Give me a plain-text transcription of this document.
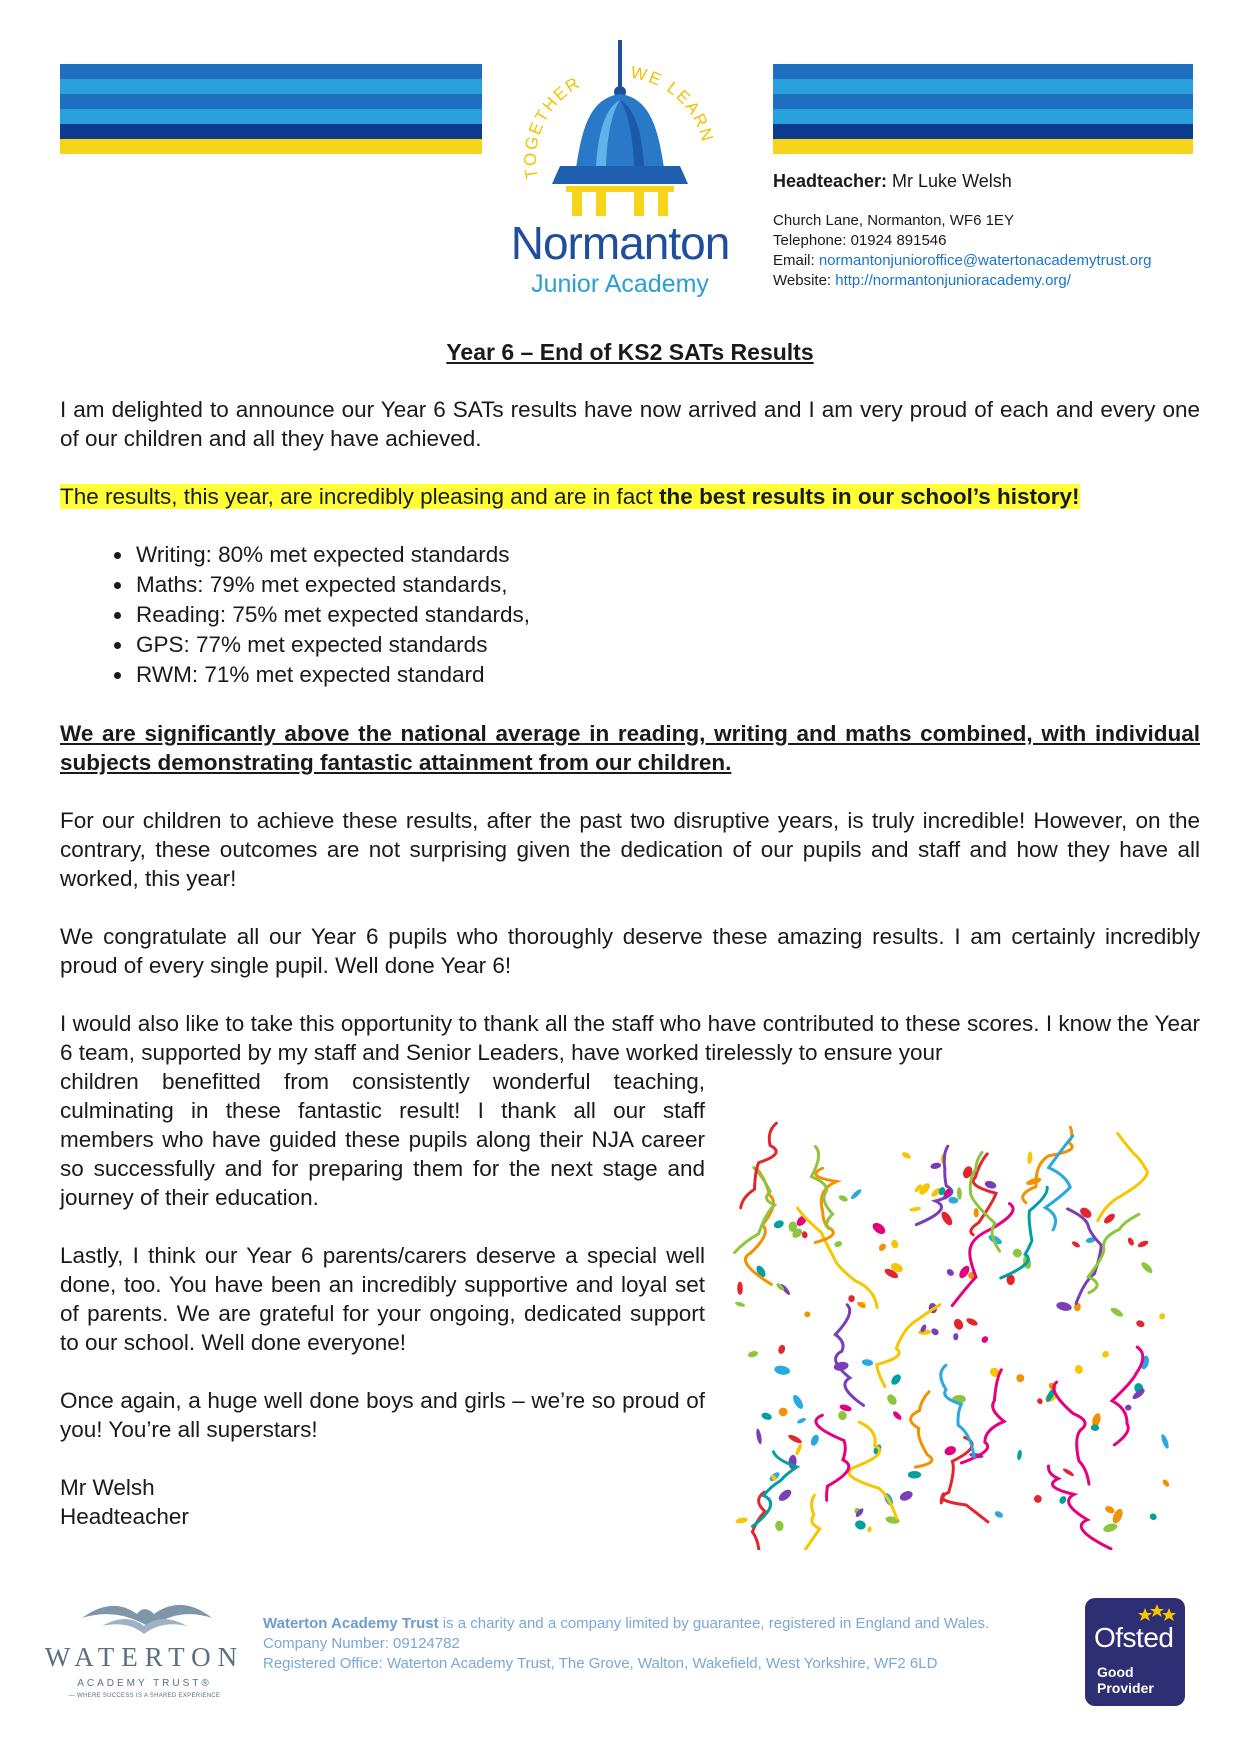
TOGETHER	WE LEARN
Normanton
Junior Academy
Headteacher: Mr Luke Welsh
Church Lane, Normanton, WF6 1EY
Telephone: 01924 891546
Email: normantonjunioroffice@watertonacademytrust.org
Website: http://normantonjunioracademy.org/
Year 6 – End of KS2 SATs Results

I am delighted to announce our Year 6 SATs results have now arrived and I am very proud of each and every one of our children and all they have achieved.

The results, this year, are incredibly pleasing and are in fact the best results in our school’s history!

• Writing: 80% met expected standards
• Maths: 79% met expected standards,
• Reading: 75% met expected standards,
• GPS: 77% met expected standards
• RWM: 71% met expected standard

We are significantly above the national average in reading, writing and maths combined, with individual subjects demonstrating fantastic attainment from our children.

For our children to achieve these results, after the past two disruptive years, is truly incredible! However, on the contrary, these outcomes are not surprising given the dedication of our pupils and staff and how they have all worked, this year!

We congratulate all our Year 6 pupils who thoroughly deserve these amazing results. I am certainly incredibly proud of every single pupil. Well done Year 6!

I would also like to take this opportunity to thank all the staff who have contributed to these scores. I know the Year 6 team, supported by my staff and Senior Leaders, have worked tirelessly to ensure your

children benefitted from consistently wonderful teaching, culminating in these fantastic result! I thank all our staff members who have guided these pupils along their NJA career so successfully and for preparing them for the next stage and journey of their education.

Lastly, I think our Year 6 parents/carers deserve a special well done, too. You have been an incredibly supportive and loyal set of parents. We are grateful for your ongoing, dedicated support to our school. Well done everyone!

Once again, a huge well done boys and girls – we’re so proud of you! You’re all superstars!

Mr Welsh
Headteacher
WATERTON
ACADEMY TRUST®
— WHERE SUCCESS IS A SHARED EXPERIENCE
Waterton Academy Trust is a charity and a company limited by guarantee, registered in England and Wales.
Company Number: 09124782
Registered Office: Waterton Academy Trust, The Grove, Walton, Wakefield, West Yorkshire, WF2 6LD
Ofsted
Good
Provider
